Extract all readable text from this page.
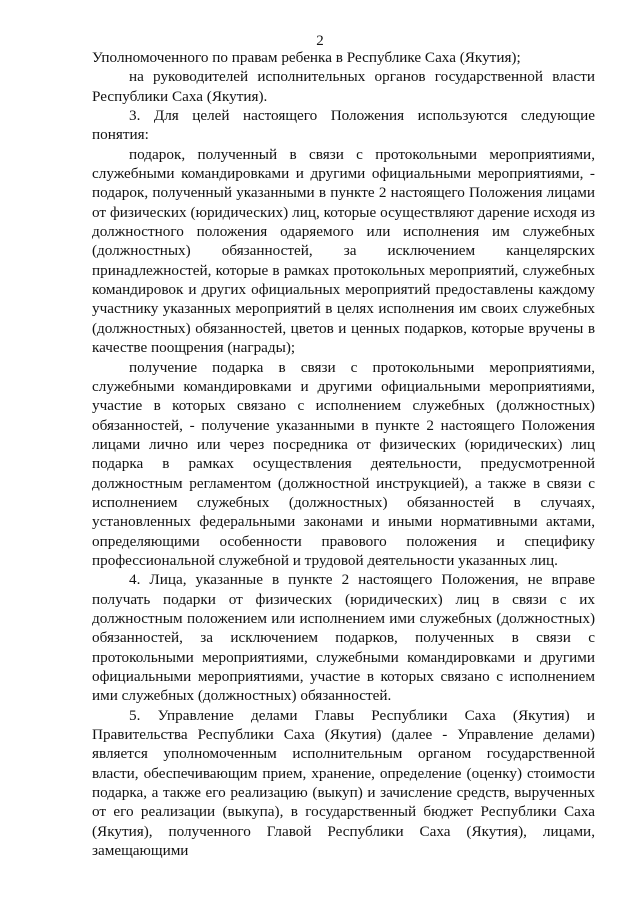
2

Уполномоченного по правам ребенка в Республике Саха (Якутия);

на руководителей исполнительных органов государственной власти Республики Саха (Якутия).

3. Для целей настоящего Положения используются следующие понятия:

подарок, полученный в связи с протокольными мероприятиями, служебными командировками и другими официальными мероприятиями, - подарок, полученный указанными в пункте 2 настоящего Положения лицами от физических (юридических) лиц, которые осуществляют дарение исходя из должностного положения одаряемого или исполнения им служебных (должностных) обязанностей, за исключением канцелярских принадлежностей, которые в рамках протокольных мероприятий, служебных командировок и других официальных мероприятий предоставлены каждому участнику указанных мероприятий в целях исполнения им своих служебных (должностных) обязанностей, цветов и ценных подарков, которые вручены в качестве поощрения (награды);

получение подарка в связи с протокольными мероприятиями, служебными командировками и другими официальными мероприятиями, участие в которых связано с исполнением служебных (должностных) обязанностей, - получение указанными в пункте 2 настоящего Положения лицами лично или через посредника от физических (юридических) лиц подарка в рамках осуществления деятельности, предусмотренной должностным регламентом (должностной инструкцией), а также в связи с исполнением служебных (должностных) обязанностей в случаях, установленных федеральными законами и иными нормативными актами, определяющими особенности правового положения и специфику профессиональной служебной и трудовой деятельности указанных лиц.

4. Лица, указанные в пункте 2 настоящего Положения, не вправе получать подарки от физических (юридических) лиц в связи с их должностным положением или исполнением ими служебных (должностных) обязанностей, за исключением подарков, полученных в связи с протокольными мероприятиями, служебными командировками и другими официальными мероприятиями, участие в которых связано с исполнением ими служебных (должностных) обязанностей.

5. Управление делами Главы Республики Саха (Якутия) и Правительства Республики Саха (Якутия) (далее - Управление делами) является уполномоченным исполнительным органом государственной власти, обеспечивающим прием, хранение, определение (оценку) стоимости подарка, а также его реализацию (выкуп) и зачисление средств, вырученных от его реализации (выкупа), в государственный бюджет Республики Саха (Якутия), полученного Главой Республики Саха (Якутия), лицами, замещающими
